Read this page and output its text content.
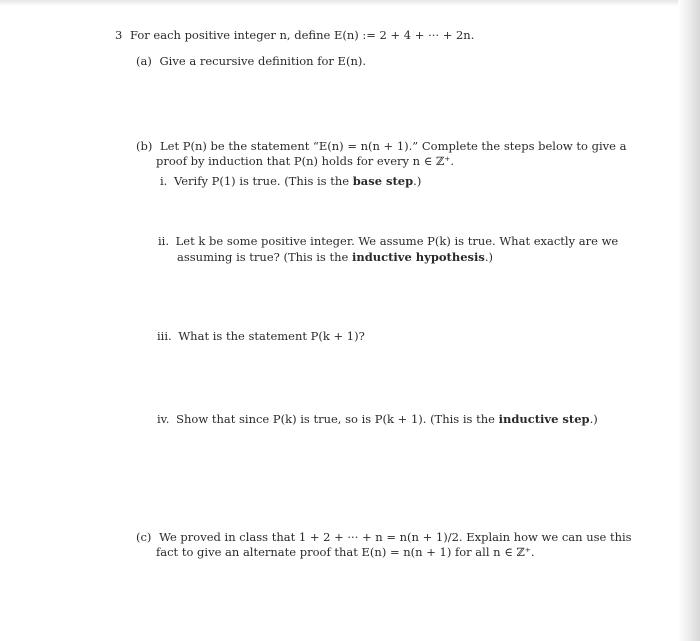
3 For each positive integer n, define E(n) := 2 + 4 + ··· + 2n.
(a) Give a recursive definition for E(n).
(b) Let P(n) be the statement “E(n) = n(n + 1).” Complete the steps below to give a
proof by induction that P(n) holds for every n ∈ ℤ⁺.
i. Verify P(1) is true. (This is the base step.)
ii. Let k be some positive integer. We assume P(k) is true. What exactly are we
assuming is true? (This is the inductive hypothesis.)
iii. What is the statement P(k + 1)?
iv. Show that since P(k) is true, so is P(k + 1). (This is the inductive step.)
(c) We proved in class that 1 + 2 + ··· + n = n(n + 1)/2. Explain how we can use this
fact to give an alternate proof that E(n) = n(n + 1) for all n ∈ ℤ⁺.
